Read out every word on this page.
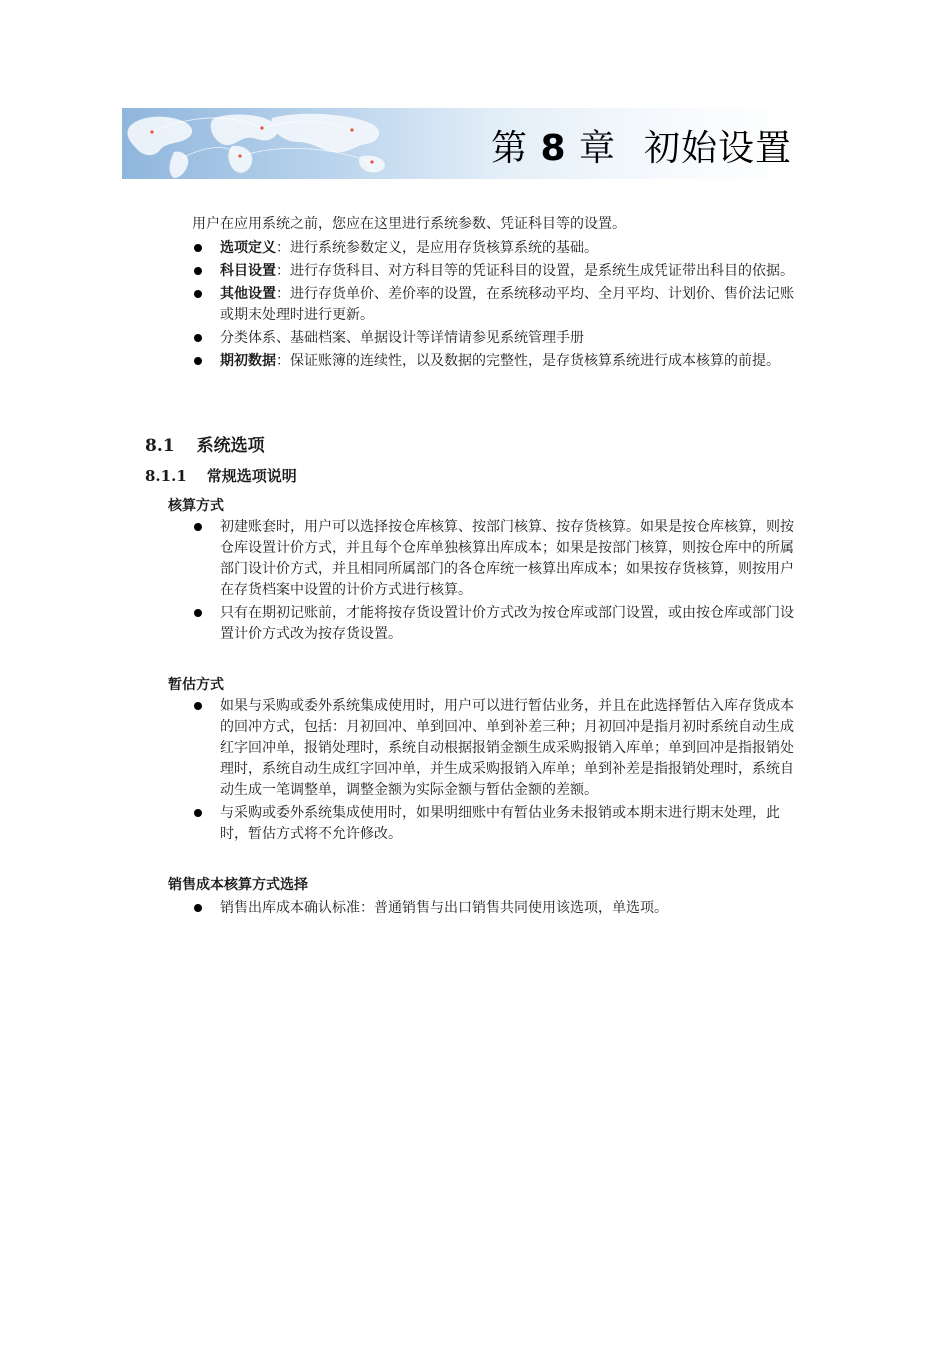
第 8 章 初始设置
用户在应用系统之前，您应在这里进行系统参数、凭证科目等的设置。
选项定义：进行系统参数定义，是应用存货核算系统的基础。
科目设置：进行存货科目、对方科目等的凭证科目的设置，是系统生成凭证带出科目的依据。
其他设置：进行存货单价、差价率的设置，在系统移动平均、全月平均、计划价、售价法记账或期末处理时进行更新。
分类体系、基础档案、单据设计等详情请参见系统管理手册
期初数据：保证账簿的连续性，以及数据的完整性，是存货核算系统进行成本核算的前提。
8.1 系统选项
8.1.1 常规选项说明
核算方式
初建账套时，用户可以选择按仓库核算、按部门核算、按存货核算。如果是按仓库核算，则按仓库设置计价方式，并且每个仓库单独核算出库成本；如果是按部门核算，则按仓库中的所属部门设计价方式，并且相同所属部门的各仓库统一核算出库成本；如果按存货核算，则按用户在存货档案中设置的计价方式进行核算。
只有在期初记账前，才能将按存货设置计价方式改为按仓库或部门设置，或由按仓库或部门设置计价方式改为按存货设置。
暂估方式
如果与采购或委外系统集成使用时，用户可以进行暂估业务，并且在此选择暂估入库存货成本的回冲方式，包括：月初回冲、单到回冲、单到补差三种；月初回冲是指月初时系统自动生成红字回冲单，报销处理时，系统自动根据报销金额生成采购报销入库单；单到回冲是指报销处理时，系统自动生成红字回冲单，并生成采购报销入库单；单到补差是指报销处理时，系统自动生成一笔调整单，调整金额为实际金额与暂估金额的差额。
与采购或委外系统集成使用时，如果明细账中有暂估业务未报销或本期末进行期末处理，此时，暂估方式将不允许修改。
销售成本核算方式选择
销售出库成本确认标准：普通销售与出口销售共同使用该选项，单选项。
